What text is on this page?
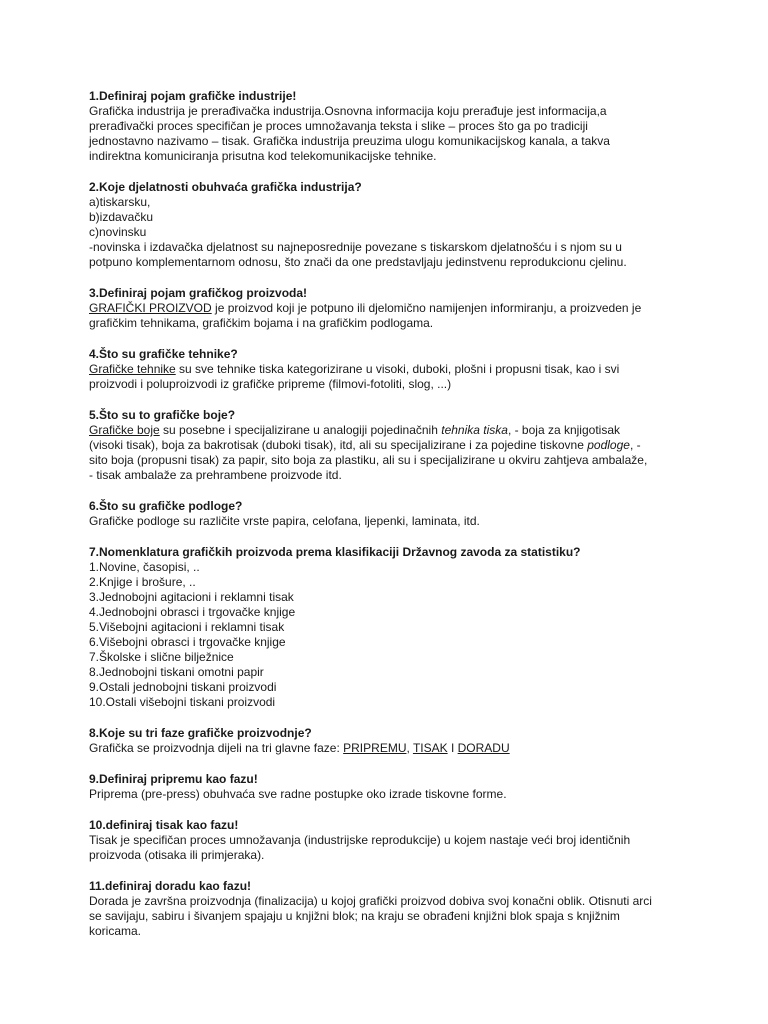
1.Definiraj pojam grafičke industrije!

Grafička industrija je prerađivačka industrija.Osnovna informacija koju prerađuje jest informacija,a

prerađivački proces specifičan je proces umnožavanja teksta i slike – proces što ga po tradiciji

jednostavno nazivamo – tisak. Grafička industrija preuzima ulogu komunikacijskog kanala, a takva

indirektna komuniciranja prisutna kod telekomunikacijske tehnike.

2.Koje djelatnosti obuhvaća grafička industrija?

a)tiskarsku,

b)izdavačku

c)novinsku

-novinska i izdavačka djelatnost su najneposrednije povezane s tiskarskom djelatnošću i s njom su u

potpuno komplementarnom odnosu, što znači da one predstavljaju jedinstvenu reprodukcionu cjelinu.

3.Definiraj pojam grafičkog proizvoda!

GRAFIČKI PROIZVOD je proizvod koji je potpuno ili djelomično namijenjen informiranju, a proizveden je

grafičkim tehnikama, grafičkim bojama i na grafičkim podlogama.

4.Što su grafičke tehnike?

Grafičke tehnike su sve tehnike tiska kategorizirane u visoki, duboki, plošni i propusni tisak, kao i svi

proizvodi i poluproizvodi iz grafičke pripreme (filmovi-fotoliti, slog, ...)

5.Što su to grafičke boje?

Grafičke boje su posebne i specijalizirane u analogiji pojedinačnih tehnika tiska, - boja za knjigotisak

(visoki tisak), boja za bakrotisak (duboki tisak), itd, ali su specijalizirane i za pojedine tiskovne podloge, -

sito boja (propusni tisak) za papir, sito boja za plastiku, ali su i specijalizirane u okviru zahtjeva ambalaže,

- tisak ambalaže za prehrambene proizvode itd.

6.Što su grafičke podloge?

Grafičke podloge su različite vrste papira, celofana, ljepenki, laminata, itd.

7.Nomenklatura grafičkih proizvoda prema klasifikaciji Državnog zavoda za statistiku?
1.Novine, časopisi, ..
2.Knjige i brošure, ..
3.Jednobojni agitacioni i reklamni tisak
4.Jednobojni obrasci i trgovačke knjige
5.Višebojni agitacioni i reklamni tisak
6.Višebojni obrasci i trgovačke knjige
7.Školske i slične bilježnice
8.Jednobojni tiskani omotni papir
9.Ostali jednobojni tiskani proizvodi
10.Ostali višebojni tiskani proizvodi
8.Koje su tri faze grafičke proizvodnje?

Grafička se proizvodnja dijeli na tri glavne faze: PRIPREMU, TISAK I DORADU

9.Definiraj pripremu kao fazu!

Priprema (pre-press) obuhvaća sve radne postupke oko izrade tiskovne forme.

10.definiraj tisak kao fazu!

Tisak je specifičan proces umnožavanja (industrijske reprodukcije) u kojem nastaje veći broj identičnih

proizvoda (otisaka ili primjeraka).

11.definiraj doradu kao fazu!

Dorada je završna proizvodnja (finalizacija) u kojoj grafički proizvod dobiva svoj konačni oblik. Otisnuti arci

se savijaju, sabiru i šivanjem spajaju u knjižni blok; na kraju se obrađeni knjižni blok spaja s knjižnim

koricama.
